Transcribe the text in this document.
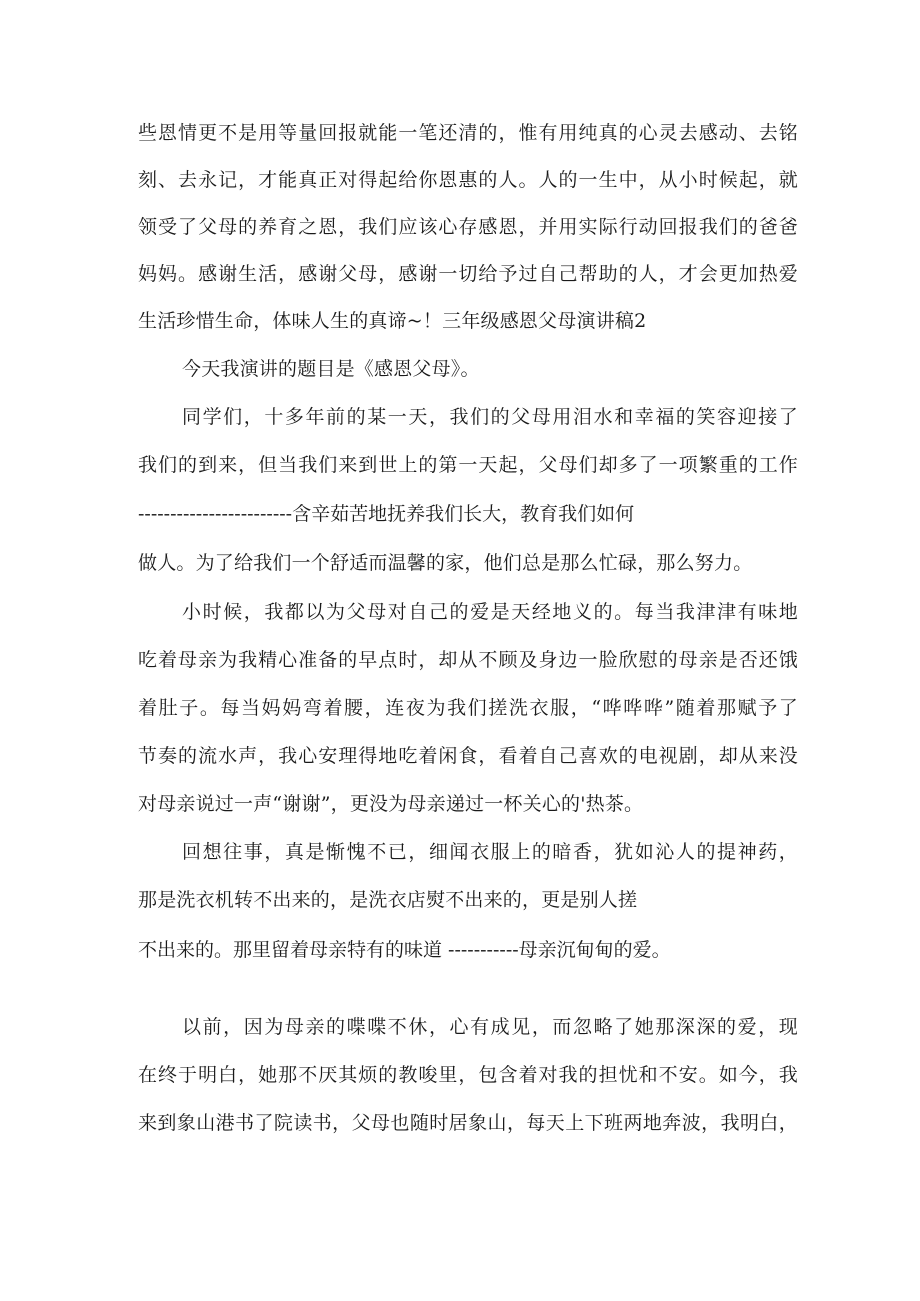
些恩情更不是用等量回报就能一笔还清的，惟有用纯真的心灵去感动、去铭
刻、去永记，才能真正对得起给你恩惠的人。人的一生中，从小时候起，就
领受了父母的养育之恩，我们应该心存感恩，并用实际行动回报我们的爸爸
妈妈。感谢生活，感谢父母，感谢一切给予过自己帮助的人，才会更加热爱
生活珍惜生命，体味人生的真谛~！三年级感恩父母演讲稿2
今天我演讲的题目是《感恩父母》。
同学们，十多年前的某一天，我们的父母用泪水和幸福的笑容迎接了
我们的到来，但当我们来到世上的第一天起，父母们却多了一项繁重的工作
------------------------含辛茹苦地抚养我们长大，教育我们如何
做人。为了给我们一个舒适而温馨的家，他们总是那么忙碌，那么努力。
小时候，我都以为父母对自己的爱是天经地义的。每当我津津有味地
吃着母亲为我精心准备的早点时，却从不顾及身边一脸欣慰的母亲是否还饿
着肚子。每当妈妈弯着腰，连夜为我们搓洗衣服，“哗哗哗”随着那赋予了
节奏的流水声，我心安理得地吃着闲食，看着自己喜欢的电视剧，却从来没
对母亲说过一声“谢谢”，更没为母亲递过一杯关心的'热茶。
回想往事，真是惭愧不已，细闻衣服上的暗香，犹如沁人的提神药，
那是洗衣机转不出来的，是洗衣店熨不出来的，更是别人搓
不出来的。那里留着母亲特有的味道 -----------母亲沉甸甸的爱。
以前，因为母亲的喋喋不休，心有成见，而忽略了她那深深的爱，现
在终于明白，她那不厌其烦的教唆里，包含着对我的担忧和不安。如今，我
来到象山港书了院读书，父母也随时居象山，每天上下班两地奔波，我明白，
